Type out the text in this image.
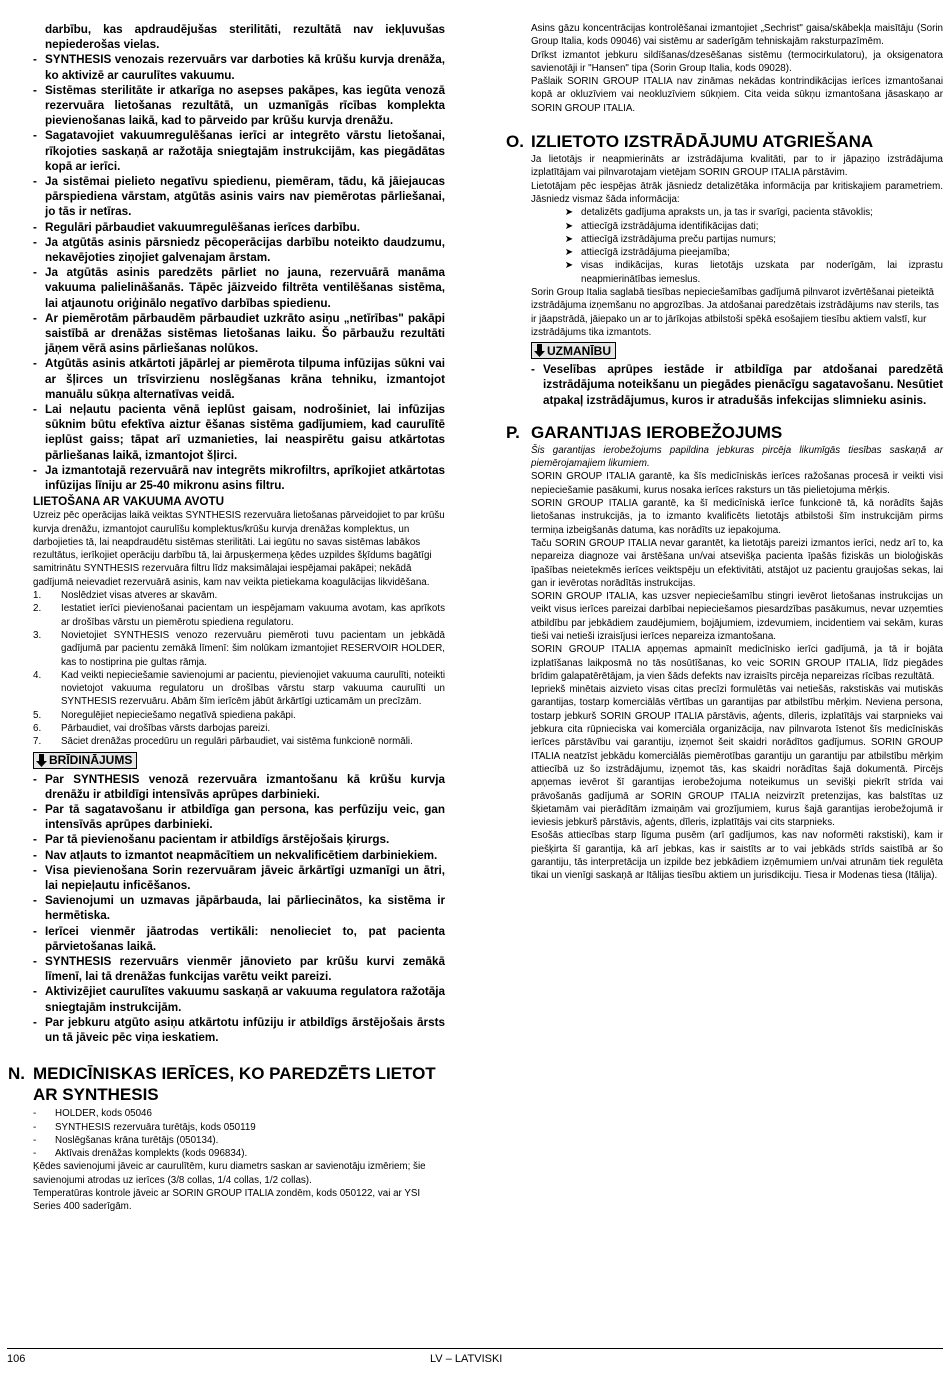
darbību, kas apdraudējušas sterilitāti, rezultātā nav iekļuvušas nepiederošas vielas.
- SYNTHESIS venozais rezervuārs var darboties kā krūšu kurvja drenāža, ko aktivizē ar caurulītes vakuumu.
- Sistēmas sterilitāte ir atkarīga no asepses pakāpes, kas iegūta venozā rezervuāra lietošanas rezultātā, un uzmanīgās rīcības komplekta pievienošanas laikā, kad to pārveido par krūšu kurvja drenāžu.
- Sagatavojiet vakuumregulēšanas ierīci ar integrēto vārstu lietošanai, rīkojoties saskaņā ar ražotāja sniegtajām instrukcijām, kas piegādātas kopā ar ierīci.
- Ja sistēmai pielieto negatīvu spiedienu, piemēram, tādu, kā jāiejaucas pārspiediena vārstam, atgūtās asinis vairs nav piemērotas pārliešanai, jo tās ir netīras.
- Regulāri pārbaudiet vakuumregulēšanas ierīces darbību.
- Ja atgūtās asinis pārsniedz pēcoperācijas darbību noteikto daudzumu, nekavējoties ziņojiet galvenajam ārstam.
- Ja atgūtās asinis paredzēts pārliet no jauna, rezervuārā manāma vakuuma palielināšanās. Tāpēc jāizveido filtrēta ventilēšanas sistēma, lai atjaunotu oriģinālo negatīvo darbības spiedienu.
- Ar piemērotām pārbaudēm pārbaudiet uzkrāto asiņu „netīrības" pakāpi saistībā ar drenāžas sistēmas lietošanas laiku. Šo pārbaužu rezultāti jāņem vērā asins pārliešanas nolūkos.
- Atgūtās asinis atkārtoti jāpārlej ar piemērota tilpuma infūzijas sūkni vai ar šļirces un trīsvirzienu noslēgšanas krāna tehniku, izmantojot manuālu sūkņa alternatīvas veidā.
- Lai neļautu pacienta vēnā ieplūst gaisam, nodrošiniet, lai infūzijas sūknim būtu efektīva aiztur ēšanas sistēma gadījumiem, kad caurulītē ieplūst gaiss; tāpat arī uzmanieties, lai neaspirētu gaisu atkārtotas pārliešanas laikā, izmantojot šļirci.
- Ja izmantotajā rezervuārā nav integrēts mikrofiltrs, aprīkojiet atkārtotas infūzijas līniju ar 25-40 mikronu asins filtru.
LIETOŠANA AR VAKUUMA AVOTU

Uzreiz pēc operācijas laikā veiktas SYNTHESIS rezervuāra lietošanas pārveidojiet to par krūšu kurvja drenāžu, izmantojot caurulīšu komplektus/krūšu kurvja drenāžas komplektus, un darbojieties tā, lai neapdraudētu sistēmas sterilitāti. Lai iegūtu no savas sistēmas labākos rezultātus, ierīkojiet operāciju darbību tā, lai ārpusķermeņa ķēdes uzpildes šķīdums bagātīgi samitrinātu SYNTHESIS rezervuāra filtru līdz maksimālajai iespējamai pakāpei; nekādā gadījumā neievadiet rezervuārā asinis, kam nav veikta pietiekama koagulācijas likvidēšana.

1.	Noslēdziet visas atveres ar skavām.
2.	Iestatiet ierīci pievienošanai pacientam un iespējamam vakuuma avotam, kas aprīkots ar drošības vārstu un piemērotu spiediena regulatoru.
3.	Novietojiet SYNTHESIS venozo rezervuāru piemēroti tuvu pacientam un jebkādā gadījumā par pacientu zemākā līmenī: šim nolūkam izmantojiet RESERVOIR HOLDER, kas to nostiprina pie gultas rāmja.
4.	Kad veikti nepieciešamie savienojumi ar pacientu, pievienojiet vakuuma caurulīti, noteikti novietojot vakuuma regulatoru un drošības vārstu starp vakuuma caurulīti un SYNTHESIS rezervuāru. Abām šīm ierīcēm jābūt ārkārtīgi uzticamām un precīzām.
5.	Noregulējiet nepieciešamo negatīvā spiediena pakāpi.
6.	Pārbaudiet, vai drošības vārsts darbojas pareizi.
7.	Sāciet drenāžas procedūru un regulāri pārbaudiet, vai sistēma funkcionē normāli.
BRĪDINĀJUMS
- Par SYNTHESIS venozā rezervuāra izmantošanu kā krūšu kurvja drenāžu ir atbildīgi intensīvās aprūpes darbinieki.
- Par tā sagatavošanu ir atbildīga gan persona, kas perfūziju veic, gan intensīvās aprūpes darbinieki.
- Par tā pievienošanu pacientam ir atbildīgs ārstējošais ķirurgs.
- Nav atļauts to izmantot neapmācītiem un nekvalificētiem darbiniekiem.
- Visa pievienošana Sorin rezervuāram jāveic ārkārtīgi uzmanīgi un ātri, lai nepieļautu inficēšanos.
- Savienojumi un uzmavas jāpārbauda, lai pārliecinātos, ka sistēma ir hermētiska.
- Ierīcei vienmēr jāatrodas vertikāli: nenolieciet to, pat pacienta pārvietošanas laikā.
- SYNTHESIS rezervuārs vienmēr jānovieto par krūšu kurvi zemākā līmenī, lai tā drenāžas funkcijas varētu veikt pareizi.
- Aktivizējiet caurulītes vakuumu saskaņā ar vakuuma regulatora ražotāja sniegtajām instrukcijām.
- Par jebkuru atgūto asiņu atkārtotu infūziju ir atbildīgs ārstējošais ārsts un tā jāveic pēc viņa ieskatiem.
N. MEDICĪNISKAS IERĪCES, KO PAREDZĒTS LIETOT AR SYNTHESIS
-	HOLDER, kods 05046
-	SYNTHESIS rezervuāra turētājs, kods 050119
-	Noslēgšanas krāna turētājs (050134).
-	Aktīvais drenāžas komplekts (kods 096834).

Ķēdes savienojumi jāveic ar caurulītēm, kuru diametrs saskan ar savienotāju izmēriem; šie savienojumi atrodas uz ierīces (3/8 collas, 1/4 collas, 1/2 collas).

Temperatūras kontrole jāveic ar SORIN GROUP ITALIA zondēm, kods 050122, vai ar YSI Series 400 saderīgām.

Asins gāzu koncentrācijas kontrolēšanai izmantojiet „Sechrist" gaisa/skābekļa maisītāju (Sorin Group Italia, kods 09046) vai sistēmu ar saderīgām tehniskajām raksturpazīmēm.

Drīkst izmantot jebkuru sildīšanas/dzesēšanas sistēmu (termocirkulatoru), ja oksigenatora savienotāji ir "Hansen" tipa (Sorin Group Italia, kods 09028).

Pašlaik SORIN GROUP ITALIA nav zināmas nekādas kontrindikācijas ierīces izmantošanai kopā ar okluzīviem vai neokluzīviem sūkņiem. Cita veida sūkņu izmantošana jāsaskaņo ar SORIN GROUP ITALIA.

O. IZLIETOTO IZSTRĀDĀJUMU ATGRIEŠANA

Ja lietotājs ir neapmierināts ar izstrādājuma kvalitāti, par to ir jāpaziņo izstrādājuma izplatītājam vai pilnvarotajam vietējam SORIN GROUP ITALIA pārstāvim.

Lietotājam pēc iespējas ātrāk jāsniedz detalizētāka informācija par kritiskajiem parametriem. Jāsniedz vismaz šāda informācija:

➤ detalizēts gadījuma apraksts un, ja tas ir svarīgi, pacienta stāvoklis;
➤ attiecīgā izstrādājuma identifikācijas dati;
➤ attiecīgā izstrādājuma preču partijas numurs;
➤ attiecīgā izstrādājuma pieejamība;
➤ visas indikācijas, kuras lietotājs uzskata par noderīgām, lai izprastu neapmierinātības iemeslus.

Sorin Group Italia saglabā tiesības nepieciešamības gadījumā pilnvarot izvērtēšanai pieteiktā izstrādājuma izņemšanu no apgrozības. Ja atdošanai paredzētais izstrādājums nav sterils, tas ir jāapstrādā, jāiepako un ar to jārīkojas atbilstoši spēkā esošajiem tiesību aktiem valstī, kur izstrādājums tika izmantots.

UZMANĪBU
- Veselības aprūpes iestāde ir atbildīga par atdošanai paredzētā izstrādājuma noteikšanu un piegādes pienācīgu sagatavošanu. Nesūtiet atpakaļ izstrādājumus, kuros ir atradušās infekcijas slimnieku asinis.
P. GARANTIJAS IEROBEŽOJUMS

Šis garantijas ierobežojums papildina jebkuras pircēja likumīgās tiesības saskaņā ar piemērojamajiem likumiem.

SORIN GROUP ITALIA garantē, ka šīs medicīniskās ierīces ražošanas procesā ir veikti visi nepieciešamie pasākumi, kurus nosaka ierīces raksturs un tās pielietojuma mērķis.

SORIN GROUP ITALIA garantē, ka šī medicīniskā ierīce funkcionē tā, kā norādīts šajās lietošanas instrukcijās, ja to izmanto kvalificēts lietotājs atbilstoši šīm instrukcijām pirms termiņa izbeigšanās datuma, kas norādīts uz iepakojuma.

Taču SORIN GROUP ITALIA nevar garantēt, ka lietotājs pareizi izmantos ierīci, nedz arī to, ka nepareiza diagnoze vai ārstēšana un/vai atsevišķa pacienta īpašās fiziskās un bioloģiskās īpašības neietekmēs ierīces veiktspēju un efektivitāti, atstājot uz pacientu graujošas sekas, lai gan ir ievērotas norādītās instrukcijas.

SORIN GROUP ITALIA, kas uzsver nepieciešamību stingri ievērot lietošanas instrukcijas un veikt visus ierīces pareizai darbībai nepieciešamos piesardzības pasākumus, nevar uzņemties atbildību par jebkādiem zaudējumiem, bojājumiem, izdevumiem, incidentiem vai sekām, kuras tieši vai netieši izraisījusi ierīces nepareiza izmantošana.

SORIN GROUP ITALIA apņemas apmainīt medicīnisko ierīci gadījumā, ja tā ir bojāta izplatīšanas laikposmā no tās nosūtīšanas, ko veic SORIN GROUP ITALIA, līdz piegādes brīdim galapatērētājam, ja vien šāds defekts nav izraisīts pircēja nepareizas rīcības rezultātā.

Iepriekš minētais aizvieto visas citas precīzi formulētās vai netiešās, rakstiskās vai mutiskās garantijas, tostarp komerciālās vērtības un garantijas par atbilstību mērķim. Neviena persona, tostarp jebkurš SORIN GROUP ITALIA pārstāvis, aģents, dīleris, izplatītājs vai starpnieks vai jebkura cita rūpnieciska vai komerciāla organizācija, nav pilnvarota īstenot šīs medicīniskās ierīces pārstāvību vai garantiju, izņemot šeit skaidri norādītos gadījumus. SORIN GROUP ITALIA neatzīst jebkādu komerciālās piemērotības garantiju un garantiju par atbilstību mērķim attiecībā uz šo izstrādājumu, izņemot tās, kas skaidri norādītas šajā dokumentā. Pircējs apņemas ievērot šī garantijas ierobežojuma noteikumus un sevišķi piekrīt strīda vai prāvošanās gadījumā ar SORIN GROUP ITALIA neizvirzīt pretenzijas, kas balstītas uz šķietamām vai pierādītām izmaiņām vai grozījumiem, kurus šajā garantijas ierobežojumā ir ieviesis jebkurš pārstāvis, aģents, dīleris, izplatītājs vai cits starpnieks.

Esošās attiecības starp līguma pusēm (arī gadījumos, kas nav noformēti rakstiski), kam ir piešķirta šī garantija, kā arī jebkas, kas ir saistīts ar to vai jebkāds strīds saistībā ar šo garantiju, tās interpretācija un izpilde bez jebkādiem izņēmumiem un/vai atrunām tiek regulēta tikai un vienīgi saskaņā ar Itālijas tiesību aktiem un jurisdikciju. Tiesa ir Modenas tiesa (Itālija).

106	LV – LATVISKI
